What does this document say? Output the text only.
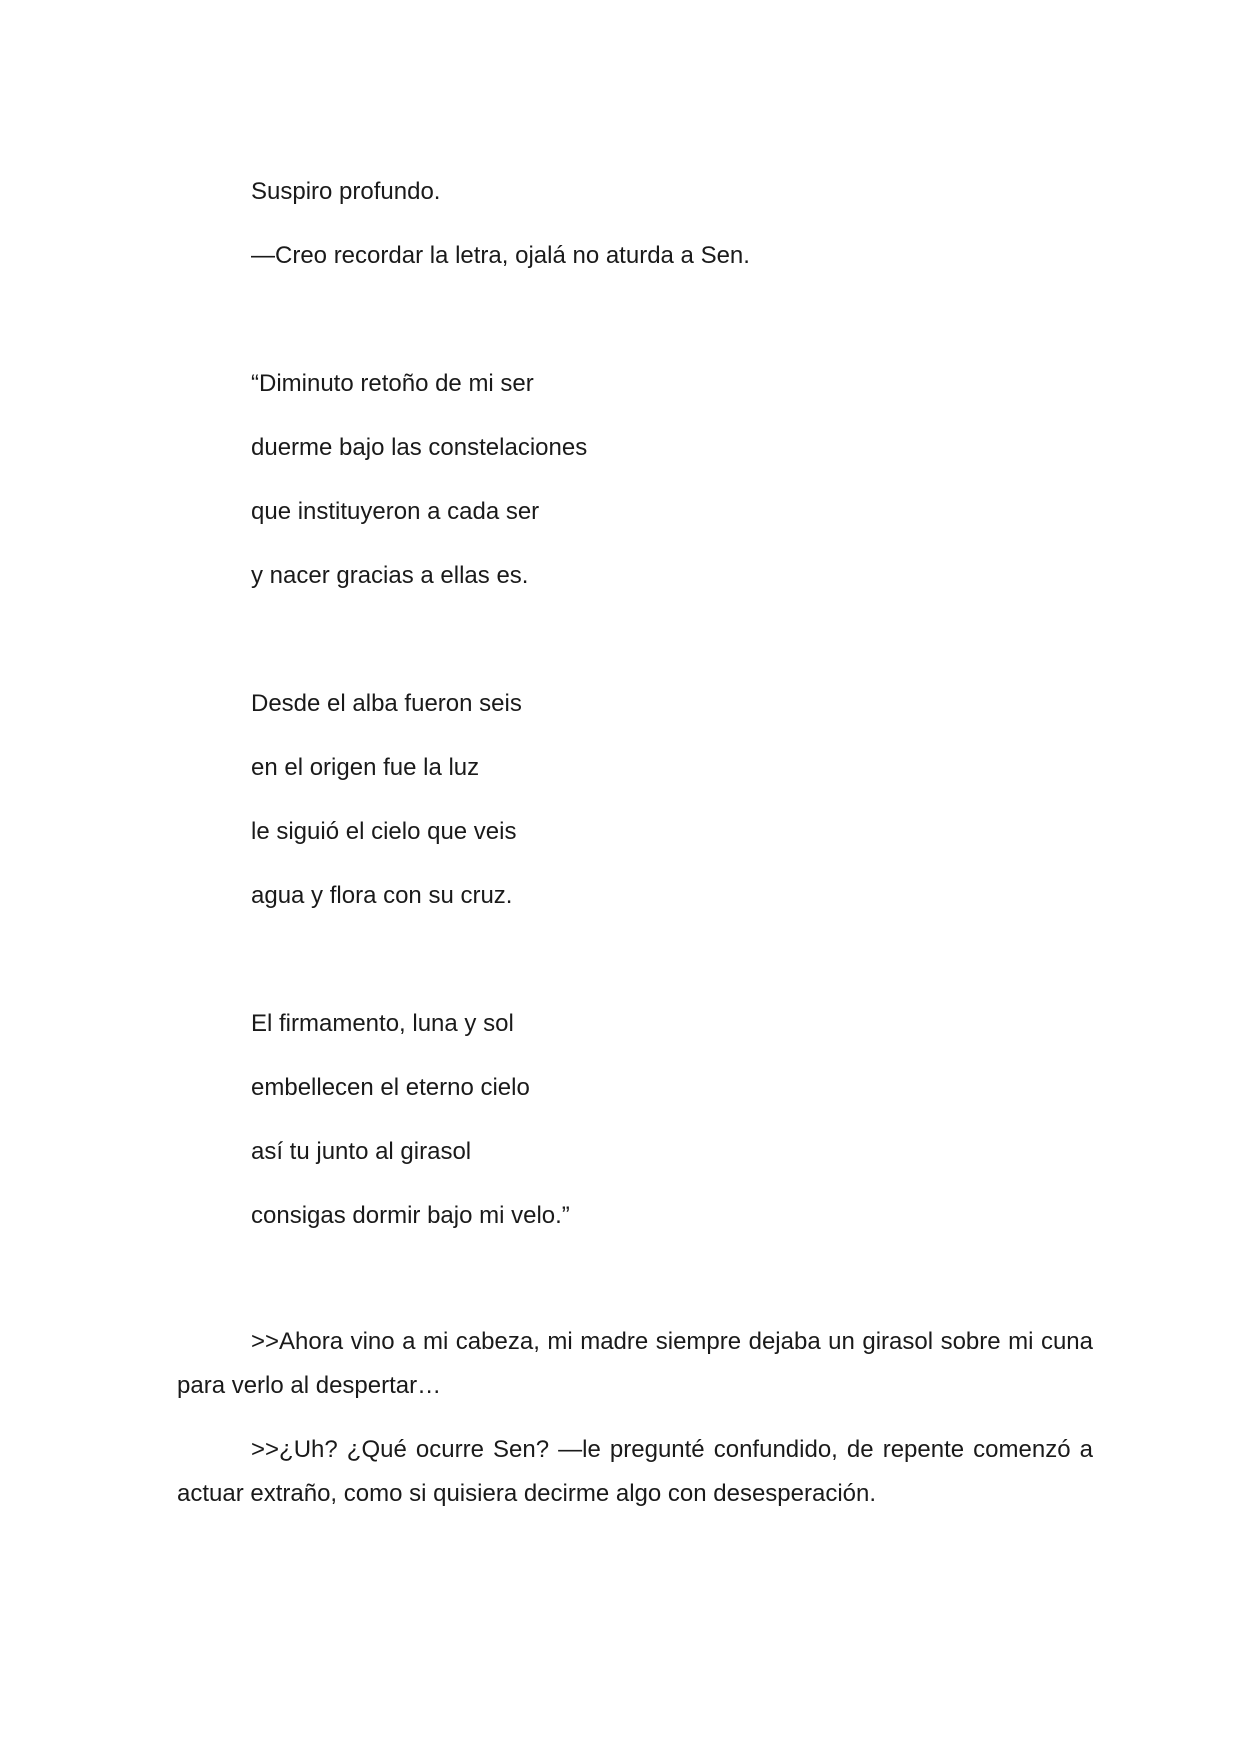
Suspiro profundo.
—Creo recordar la letra, ojalá no aturda a Sen.
“Diminuto retoño de mi ser
duerme bajo las constelaciones
que instituyeron a cada ser
y nacer gracias a ellas es.
Desde el alba fueron seis
en el origen fue la luz
le siguió el cielo que veis
agua y flora con su cruz.
El firmamento, luna y sol
embellecen el eterno cielo
así tu junto al girasol
consigas dormir bajo mi velo.”
>>Ahora vino a mi cabeza, mi madre siempre dejaba un girasol sobre mi cuna para verlo al despertar…
>>¿Uh? ¿Qué ocurre Sen? —le pregunté confundido, de repente comenzó a actuar extraño, como si quisiera decirme algo con desesperación.
